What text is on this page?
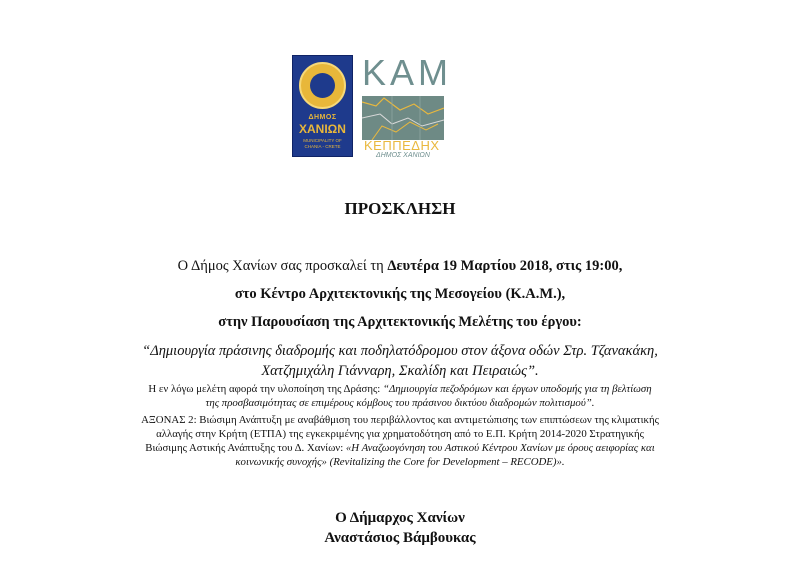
ΔΗΜΟΣ
ΧΑΝΙΩΝ
MUNICIPALITY OF
CHANIA - CRETE
ΚΑΜ
ΚΕΠΠΕΔΗΧ
ΔΗΜΟΣ ΧΑΝΙΩΝ
ΠΡΟΣΚΛΗΣΗ
Ο Δήμος Χανίων σας προσκαλεί τη Δευτέρα 19 Μαρτίου 2018, στις 19:00,
στο Κέντρο Αρχιτεκτονικής της Μεσογείου (Κ.Α.Μ.),
στην Παρουσίαση της Αρχιτεκτονικής Μελέτης του έργου:
“Δημιουργία πράσινης διαδρομής και ποδηλατόδρομου στον άξονα οδών Στρ. Τζανακάκη,
Χατζημιχάλη Γιάνναρη, Σκαλίδη και Πειραιώς”.
Η εν λόγω μελέτη αφορά την υλοποίηση της Δράσης: “Δημιουργία πεζοδρόμων και έργων υποδομής για τη βελτίωση
της προσβασιμότητας σε επιμέρους κόμβους του πράσινου δικτύου διαδρομών πολιτισμού”.
ΑΞΟΝΑΣ 2: Βιώσιμη Ανάπτυξη με αναβάθμιση του περιβάλλοντος και αντιμετώπισης των επιπτώσεων της κλιματικής
αλλαγής στην Κρήτη (ΕΤΠΑ) της εγκεκριμένης για χρηματοδότηση από το Ε.Π. Κρήτη 2014-2020 Στρατηγικής
Βιώσιμης Αστικής Ανάπτυξης του Δ. Χανίων: «Η Αναζωογόνηση του Αστικού Κέντρου Χανίων με όρους αειφορίας και
κοινωνικής συνοχής» (Revitalizing the Core for Development – RECODE)».
Ο Δήμαρχος Χανίων
Αναστάσιος Βάμβουκας
